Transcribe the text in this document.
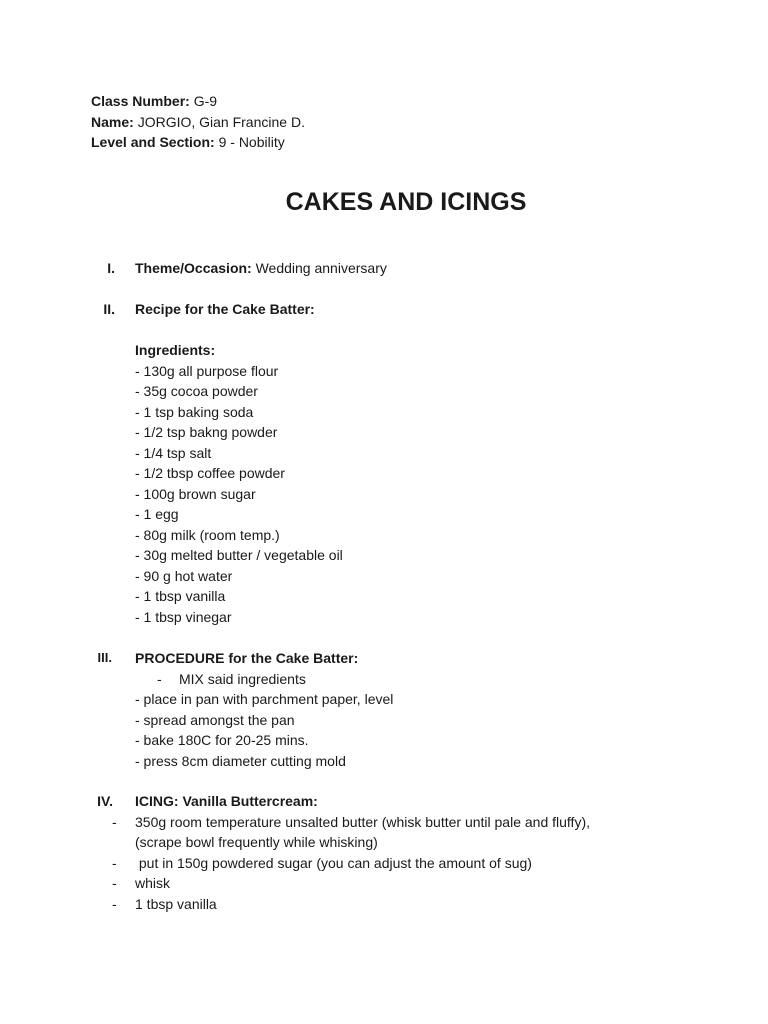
Class Number: G-9
Name: JORGIO, Gian Francine D.
Level and Section: 9 - Nobility
CAKES AND ICINGS
I. Theme/Occasion: Wedding anniversary
II. Recipe for the Cake Batter:
Ingredients:
- 130g all purpose flour
- 35g cocoa powder
- 1 tsp baking soda
- 1/2 tsp bakng powder
- 1/4 tsp salt
- 1/2 tbsp coffee powder
- 100g brown sugar
- 1 egg
- 80g milk (room temp.)
- 30g melted butter / vegetable oil
- 90 g hot water
- 1 tbsp vanilla
- 1 tbsp vinegar
III. PROCEDURE for the Cake Batter:
- MIX said ingredients
- place in pan with parchment paper, level
- spread amongst the pan
- bake 180C for 20-25 mins.
- press 8cm diameter cutting mold
IV. ICING: Vanilla Buttercream:
- 350g room temperature unsalted butter (whisk butter until pale and fluffy),
(scrape bowl frequently while whisking)
- put in 150g powdered sugar (you can adjust the amount of sug)
- whisk
- 1 tbsp vanilla
